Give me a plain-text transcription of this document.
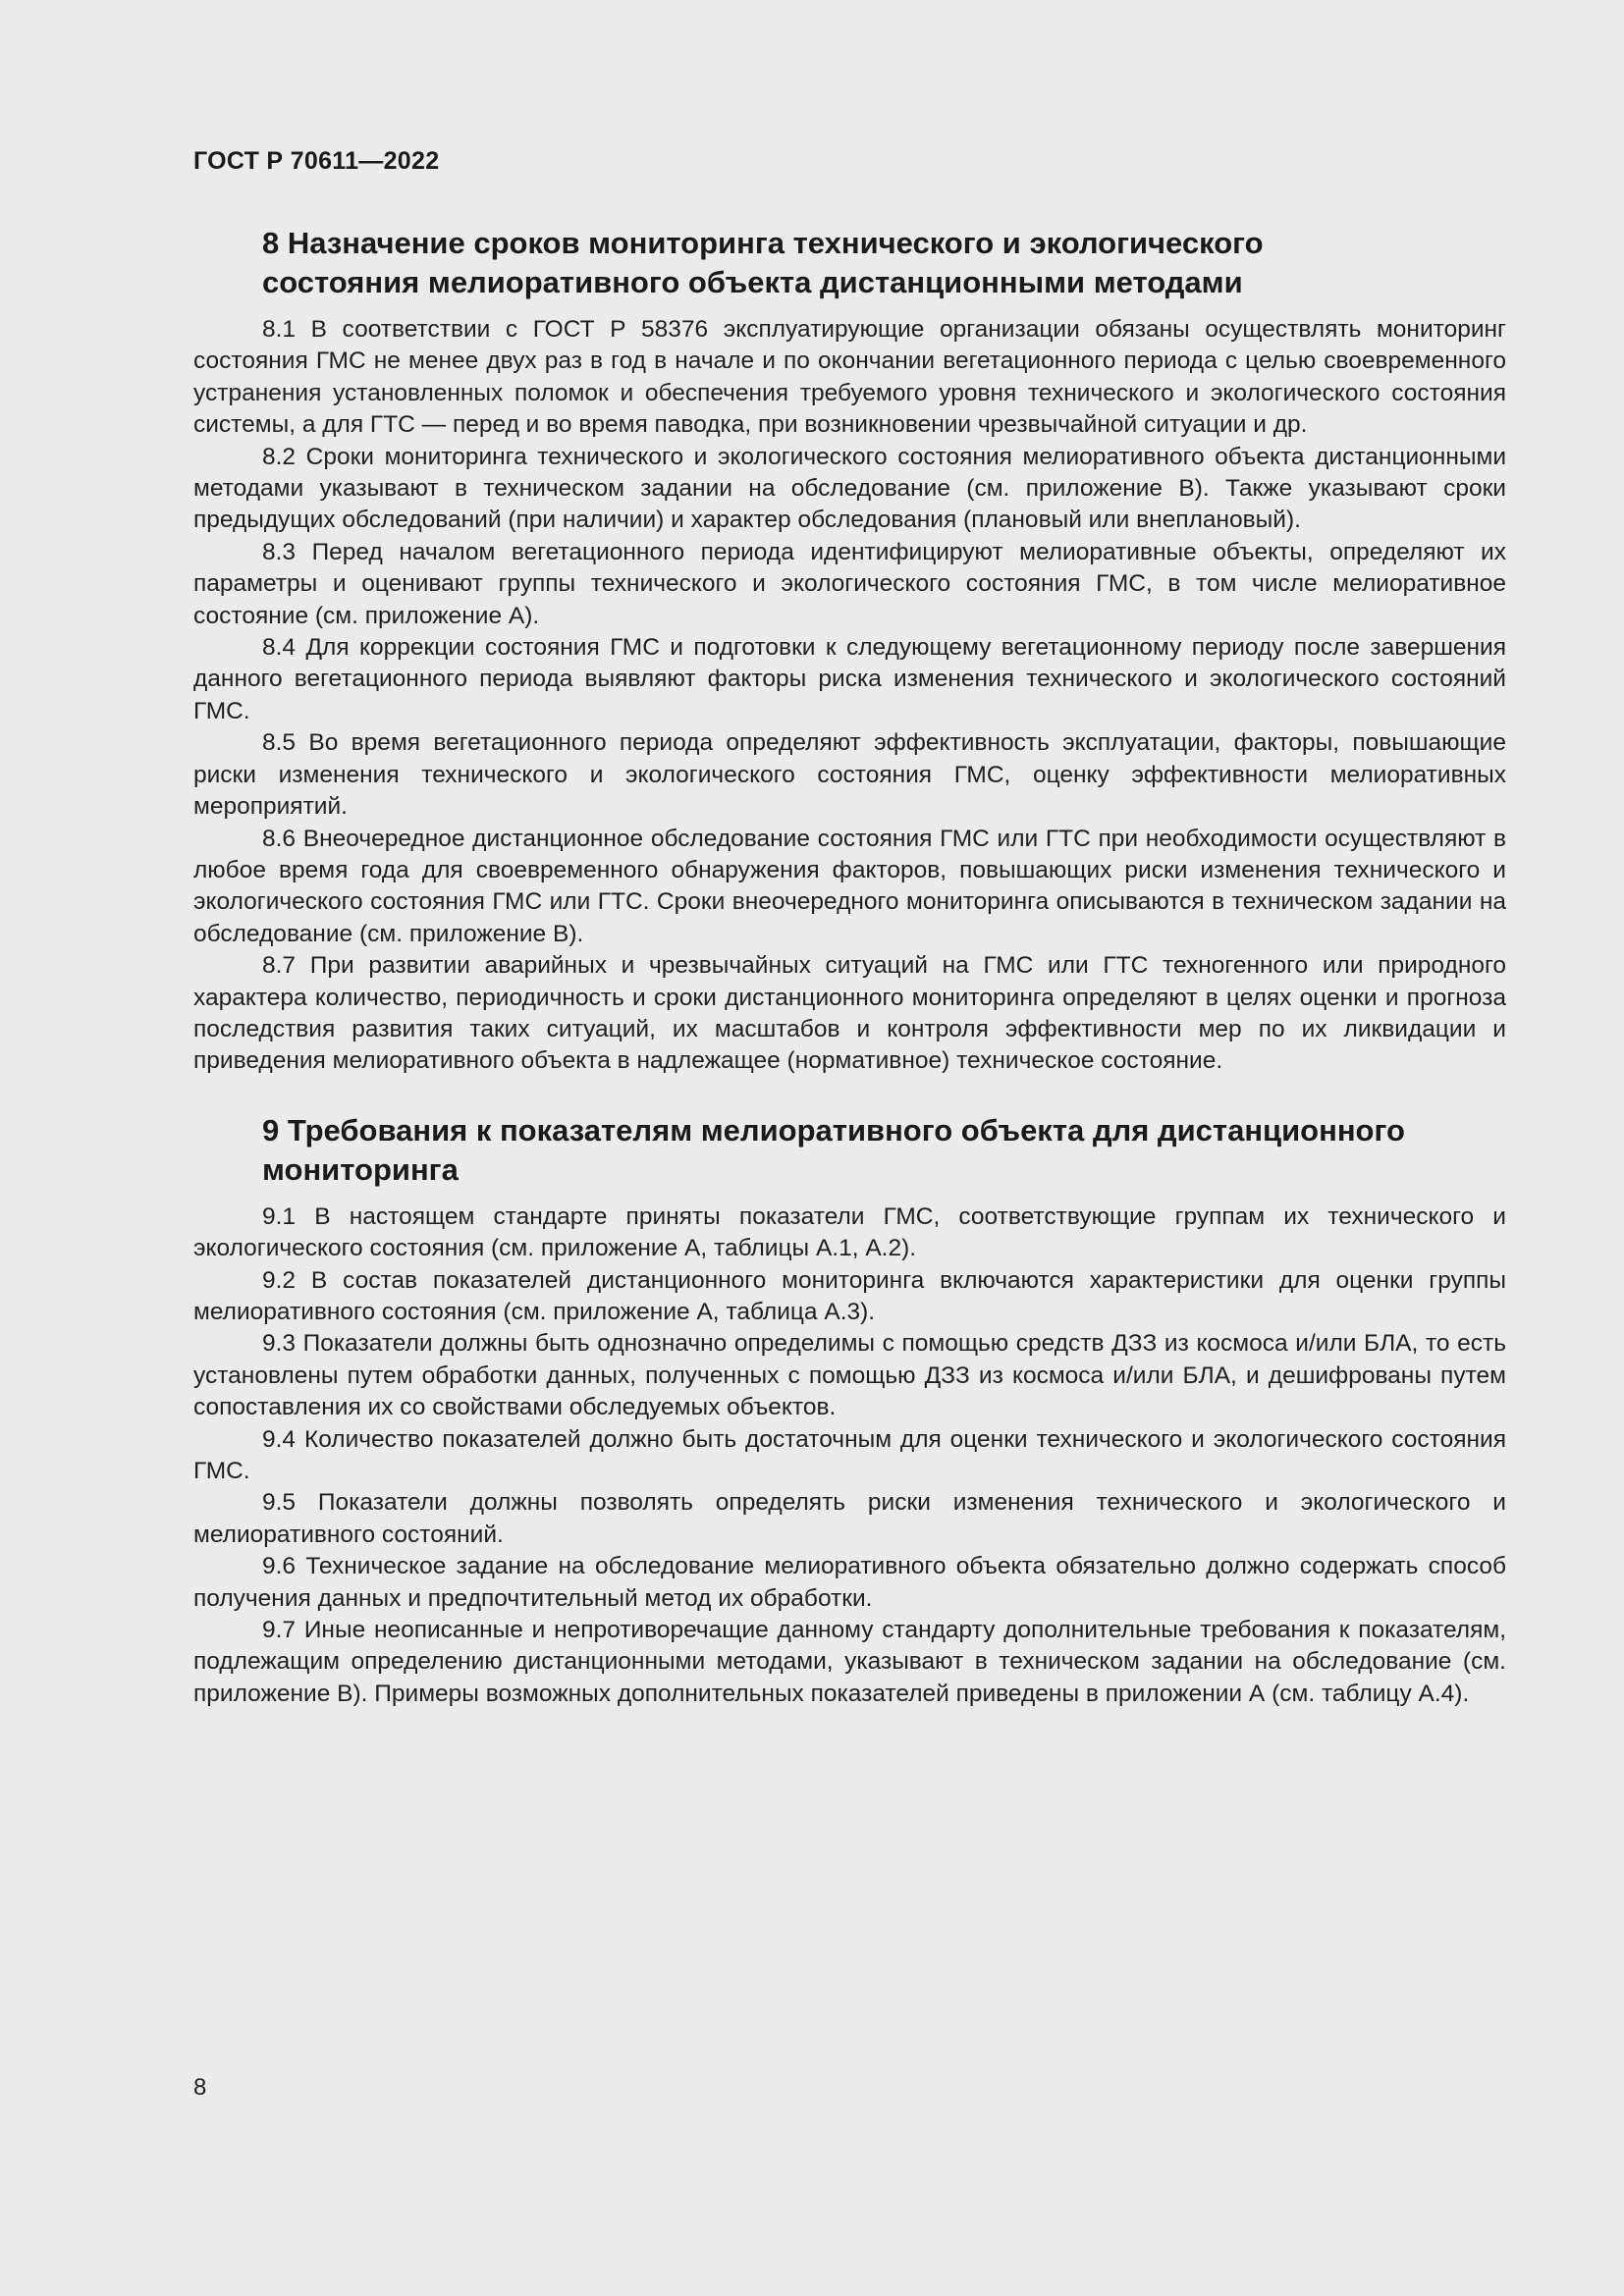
ГОСТ Р 70611—2022
8 Назначение сроков мониторинга технического и экологического
состояния мелиоративного объекта дистанционными методами

8.1 В соответствии с ГОСТ Р 58376 эксплуатирующие организации обязаны осуществлять мониторинг состояния ГМС не менее двух раз в год в начале и по окончании вегетационного периода с целью своевременного устранения установленных поломок и обеспечения требуемого уровня технического и экологического состояния системы, а для ГТС — перед и во время паводка, при возникновении чрезвычайной ситуации и др.

8.2 Сроки мониторинга технического и экологического состояния мелиоративного объекта дистанционными методами указывают в техническом задании на обследование (см. приложение В). Также указывают сроки предыдущих обследований (при наличии) и характер обследования (плановый или внеплановый).

8.3 Перед началом вегетационного периода идентифицируют мелиоративные объекты, определяют их параметры и оценивают группы технического и экологического состояния ГМС, в том числе мелиоративное состояние (см. приложение А).

8.4 Для коррекции состояния ГМС и подготовки к следующему вегетационному периоду после завершения данного вегетационного периода выявляют факторы риска изменения технического и экологического состояний ГМС.

8.5 Во время вегетационного периода определяют эффективность эксплуатации, факторы, повышающие риски изменения технического и экологического состояния ГМС, оценку эффективности мелиоративных мероприятий.

8.6 Внеочередное дистанционное обследование состояния ГМС или ГТС при необходимости осуществляют в любое время года для своевременного обнаружения факторов, повышающих риски изменения технического и экологического состояния ГМС или ГТС. Сроки внеочередного мониторинга описываются в техническом задании на обследование (см. приложение В).

8.7 При развитии аварийных и чрезвычайных ситуаций на ГМС или ГТС техногенного или природного характера количество, периодичность и сроки дистанционного мониторинга определяют в целях оценки и прогноза последствия развития таких ситуаций, их масштабов и контроля эффективности мер по их ликвидации и приведения мелиоративного объекта в надлежащее (нормативное) техническое состояние.

9 Требования к показателям мелиоративного объекта для дистанционного
мониторинга

9.1 В настоящем стандарте приняты показатели ГМС, соответствующие группам их технического и экологического состояния (см. приложение А, таблицы А.1, А.2).

9.2 В состав показателей дистанционного мониторинга включаются характеристики для оценки группы мелиоративного состояния (см. приложение А, таблица А.3).

9.3 Показатели должны быть однозначно определимы с помощью средств ДЗЗ из космоса и/или БЛА, то есть установлены путем обработки данных, полученных с помощью ДЗЗ из космоса и/или БЛА, и дешифрованы путем сопоставления их со свойствами обследуемых объектов.

9.4 Количество показателей должно быть достаточным для оценки технического и экологического состояния ГМС.

9.5 Показатели должны позволять определять риски изменения технического и экологического и мелиоративного состояний.

9.6 Техническое задание на обследование мелиоративного объекта обязательно должно содержать способ получения данных и предпочтительный метод их обработки.

9.7 Иные неописанные и непротиворечащие данному стандарту дополнительные требования к показателям, подлежащим определению дистанционными методами, указывают в техническом задании на обследование (см. приложение В). Примеры возможных дополнительных показателей приведены в приложении А (см. таблицу А.4).

8
